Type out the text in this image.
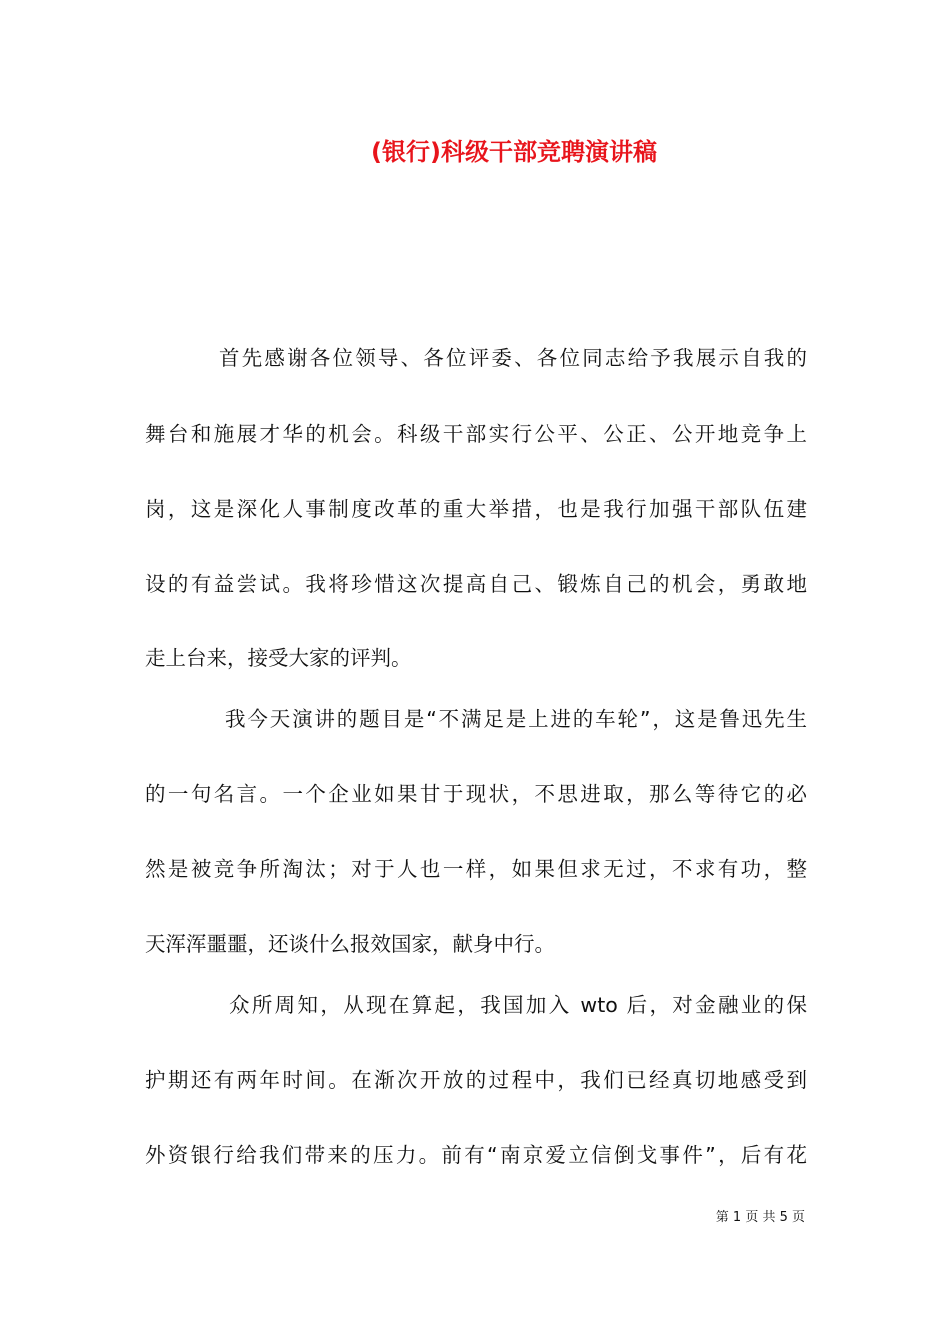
(银行)科级干部竞聘演讲稿
首先感谢各位领导、各位评委、各位同志给予我展示自我的
舞台和施展才华的机会。科级干部实行公平、公正、公开地竞争上
岗，这是深化人事制度改革的重大举措，也是我行加强干部队伍建
设的有益尝试。我将珍惜这次提高自己、锻炼自己的机会，勇敢地
走上台来，接受大家的评判。
我今天演讲的题目是“不满足是上进的车轮”，这是鲁迅先生
的一句名言。一个企业如果甘于现状，不思进取，那么等待它的必
然是被竞争所淘汰；对于人也一样，如果但求无过，不求有功，整
天浑浑噩噩，还谈什么报效国家，献身中行。
众所周知，从现在算起，我国加入 wto 后，对金融业的保
护期还有两年时间。在渐次开放的过程中，我们已经真切地感受到
外资银行给我们带来的压力。前有“南京爱立信倒戈事件”，后有花
第 1 页 共 5 页
